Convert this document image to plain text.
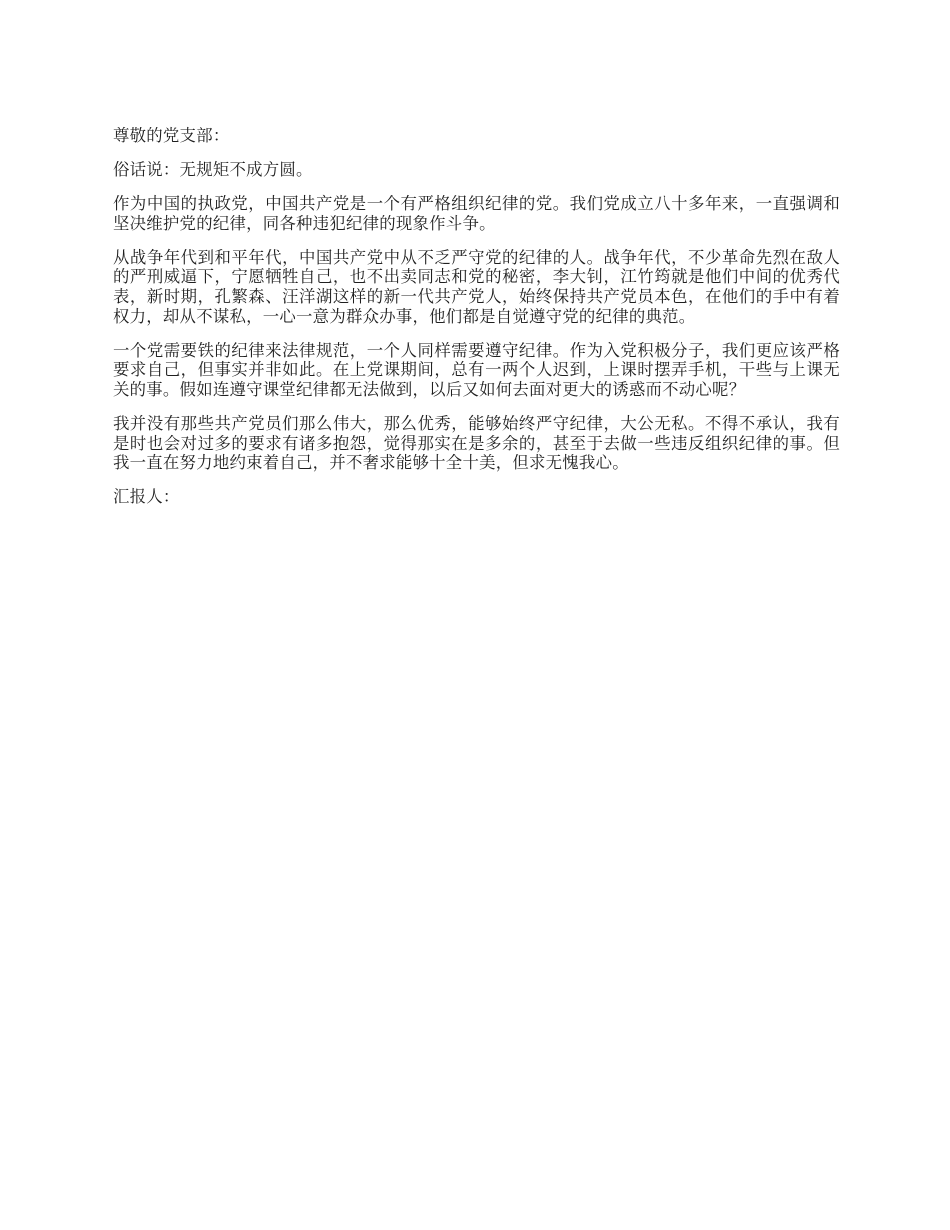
尊敬的党支部：

俗话说：无规矩不成方圆。

作为中国的执政党，中国共产党是一个有严格组织纪律的党。我们党成立八十多年来，一直强调和坚决维护党的纪律，同各种违犯纪律的现象作斗争。

从战争年代到和平年代，中国共产党中从不乏严守党的纪律的人。战争年代，不少革命先烈在敌人的严刑威逼下，宁愿牺牲自己，也不出卖同志和党的秘密，李大钊，江竹筠就是他们中间的优秀代表，新时期，孔繁森、汪洋湖这样的新一代共产党人，始终保持共产党员本色，在他们的手中有着权力，却从不谋私，一心一意为群众办事，他们都是自觉遵守党的纪律的典范。

一个党需要铁的纪律来法律规范，一个人同样需要遵守纪律。作为入党积极分子，我们更应该严格要求自己，但事实并非如此。在上党课期间，总有一两个人迟到，上课时摆弄手机，干些与上课无关的事。假如连遵守课堂纪律都无法做到，以后又如何去面对更大的诱惑而不动心呢？

我并没有那些共产党员们那么伟大，那么优秀，能够始终严守纪律，大公无私。不得不承认，我有是时也会对过多的要求有诸多抱怨，觉得那实在是多余的，甚至于去做一些违反组织纪律的事。但我一直在努力地约束着自己，并不奢求能够十全十美，但求无愧我心。

汇报人：
